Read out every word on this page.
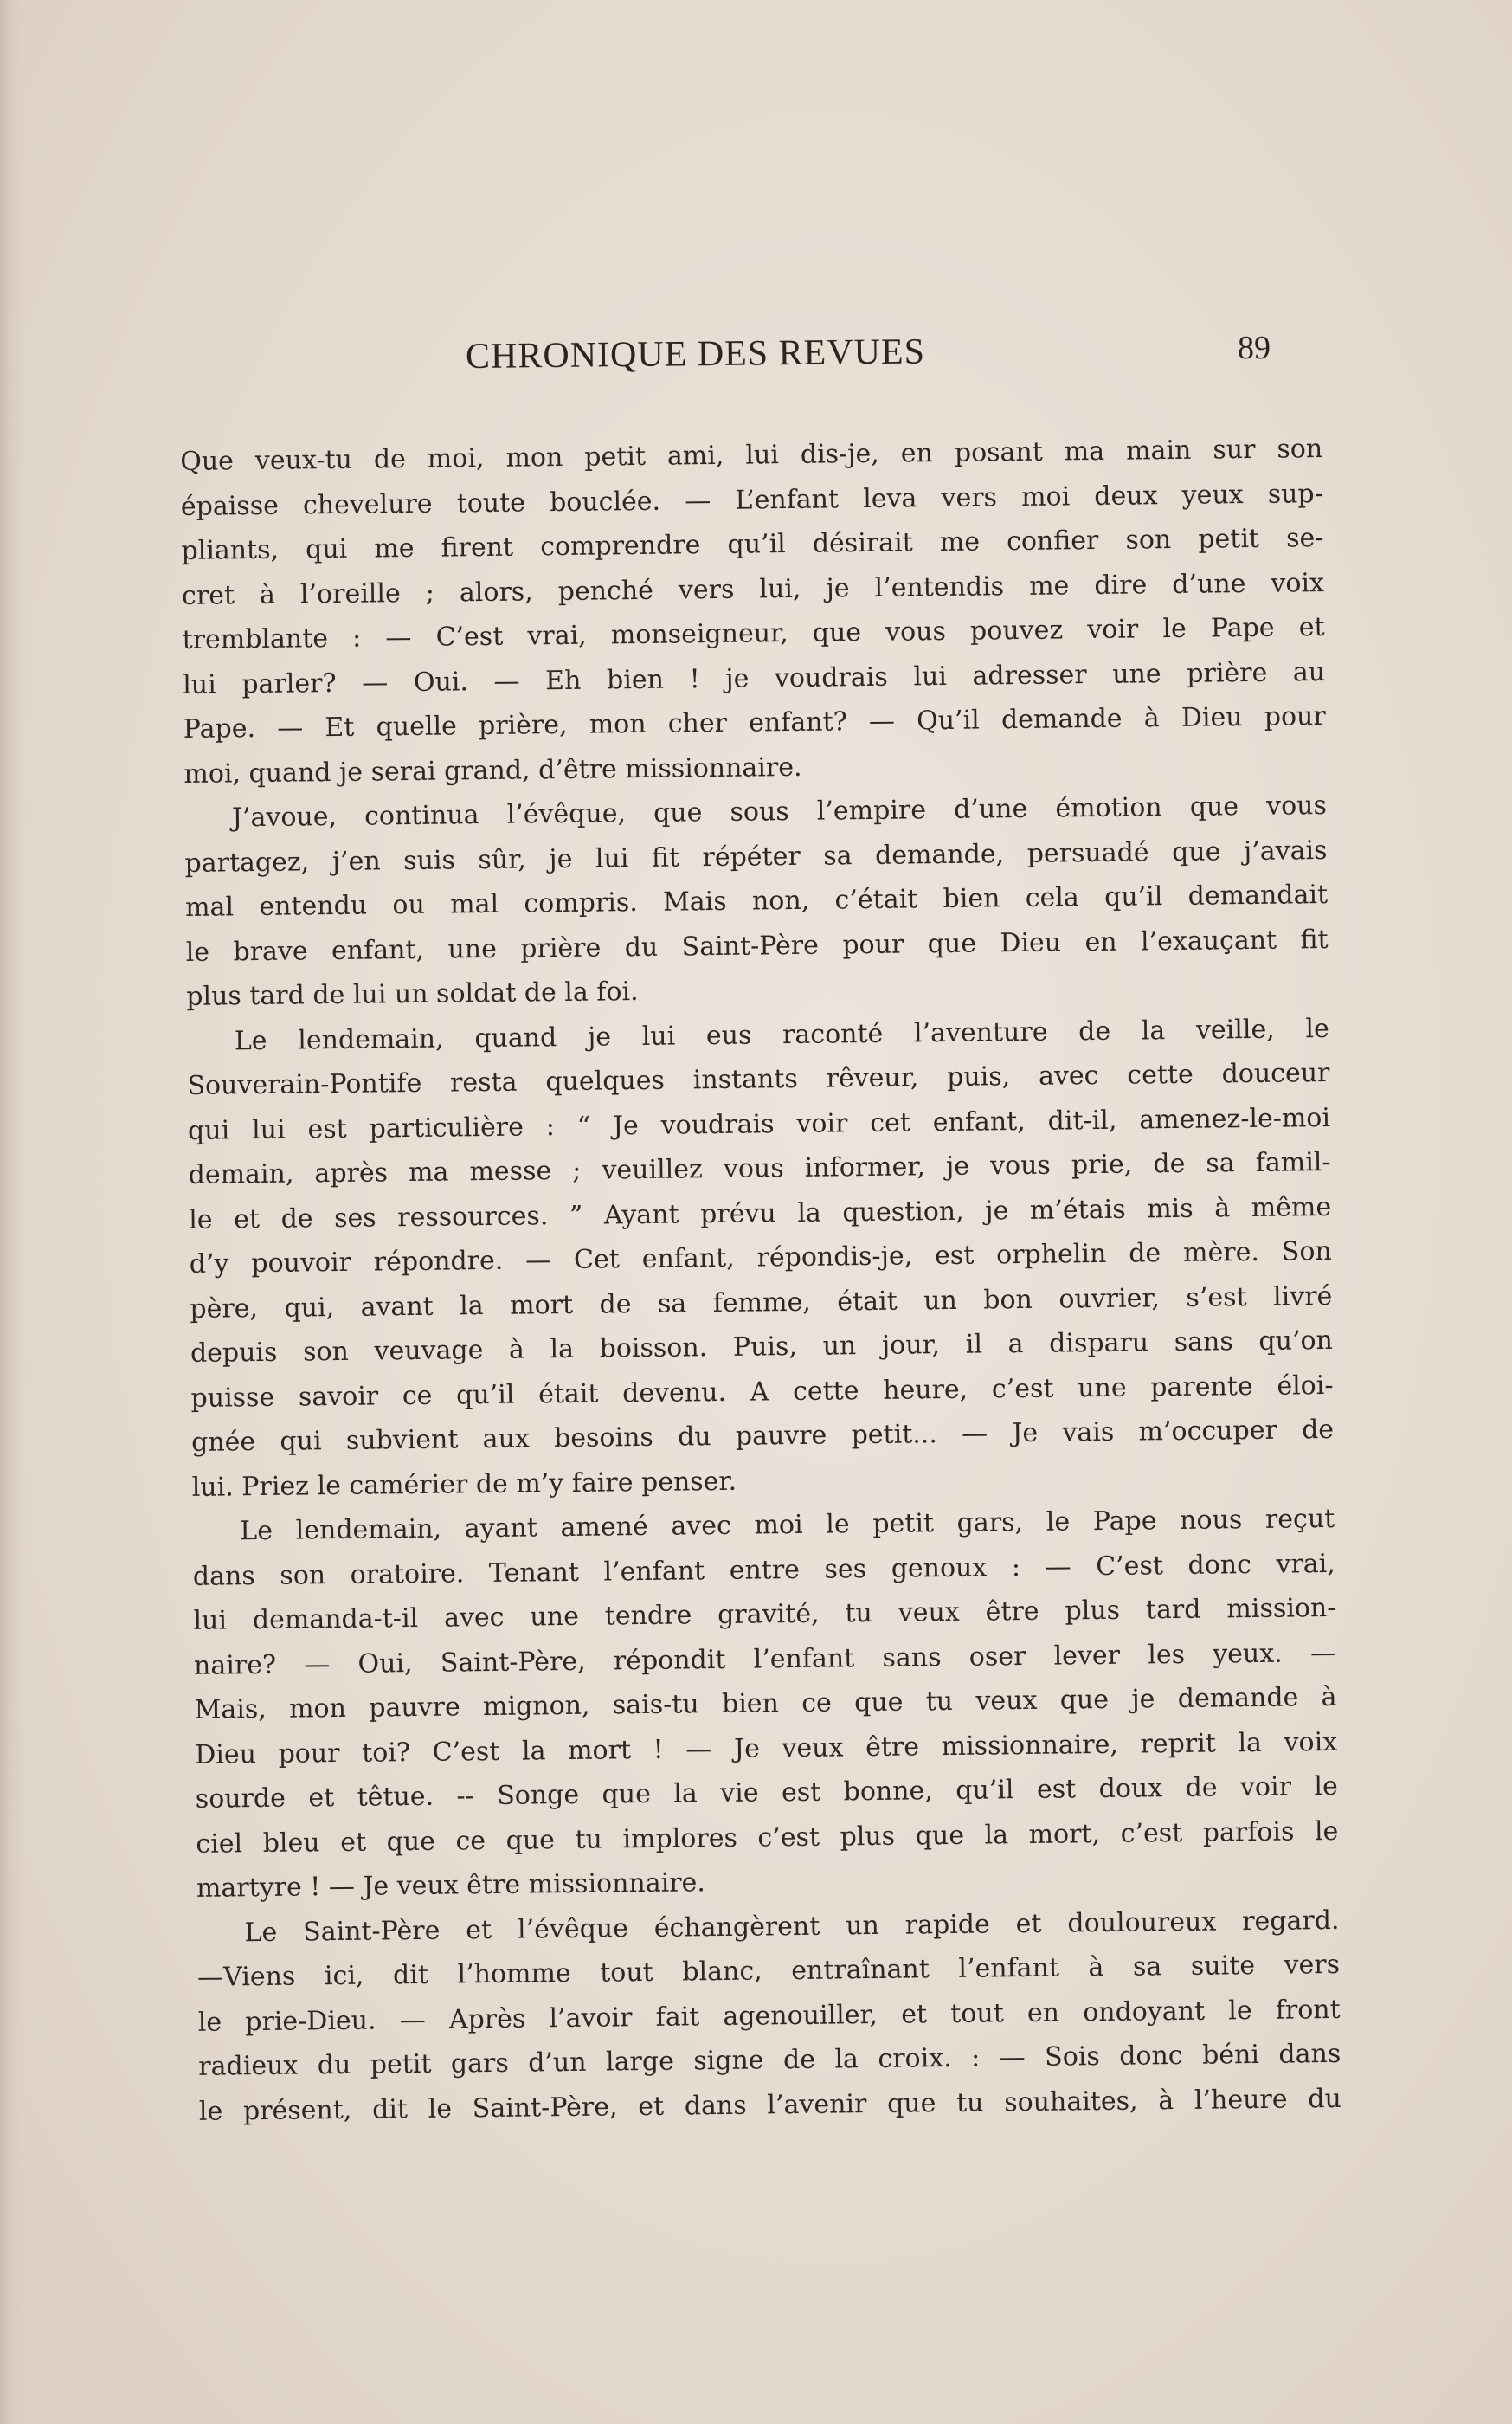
CHRONIQUE DES REVUES	89
Que veux-tu de moi, mon petit ami, lui dis-je, en posant ma main sur son
épaisse chevelure toute bouclée. — L’enfant leva vers moi deux yeux sup-
pliants, qui me firent comprendre qu’il désirait me confier son petit se-
cret à l’oreille ; alors, penché vers lui, je l’entendis me dire d’une voix
tremblante : — C’est vrai, monseigneur, que vous pouvez voir le Pape et
lui parler? — Oui. — Eh bien ! je voudrais lui adresser une prière au
Pape. — Et quelle prière, mon cher enfant? — Qu’il demande à Dieu pour
moi, quand je serai grand, d’être missionnaire.
J’avoue, continua l’évêque, que sous l’empire d’une émotion que vous
partagez, j’en suis sûr, je lui fit répéter sa demande, persuadé que j’avais
mal entendu ou mal compris. Mais non, c’était bien cela qu’il demandait
le brave enfant, une prière du Saint-Père pour que Dieu en l’exauçant fit
plus tard de lui un soldat de la foi.
Le lendemain, quand je lui eus raconté l’aventure de la veille, le
Souverain-Pontife resta quelques instants rêveur, puis, avec cette douceur
qui lui est particulière : “ Je voudrais voir cet enfant, dit-il, amenez-le-moi
demain, après ma messe ; veuillez vous informer, je vous prie, de sa famil-
le et de ses ressources. ” Ayant prévu la question, je m’étais mis à même
d’y pouvoir répondre. — Cet enfant, répondis-je, est orphelin de mère. Son
père, qui, avant la mort de sa femme, était un bon ouvrier, s’est livré
depuis son veuvage à la boisson. Puis, un jour, il a disparu sans qu’on
puisse savoir ce qu’il était devenu. A cette heure, c’est une parente éloi-
gnée qui subvient aux besoins du pauvre petit... — Je vais m’occuper de
lui. Priez le camérier de m’y faire penser.
Le lendemain, ayant amené avec moi le petit gars, le Pape nous reçut
dans son oratoire. Tenant l’enfant entre ses genoux : — C’est donc vrai,
lui demanda-t-il avec une tendre gravité, tu veux être plus tard mission-
naire? — Oui, Saint-Père, répondit l’enfant sans oser lever les yeux. —
Mais, mon pauvre mignon, sais-tu bien ce que tu veux que je demande à
Dieu pour toi? C’est la mort ! — Je veux être missionnaire, reprit la voix
sourde et têtue. -- Songe que la vie est bonne, qu’il est doux de voir le
ciel bleu et que ce que tu implores c’est plus que la mort, c’est parfois le
martyre ! — Je veux être missionnaire.
Le Saint-Père et l’évêque échangèrent un rapide et douloureux regard.
—Viens ici, dit l’homme tout blanc, entraînant l’enfant à sa suite vers
le prie-Dieu. — Après l’avoir fait agenouiller, et tout en ondoyant le front
radieux du petit gars d’un large signe de la croix. : — Sois donc béni dans
le présent, dit le Saint-Père, et dans l’avenir que tu souhaites, à l’heure du
